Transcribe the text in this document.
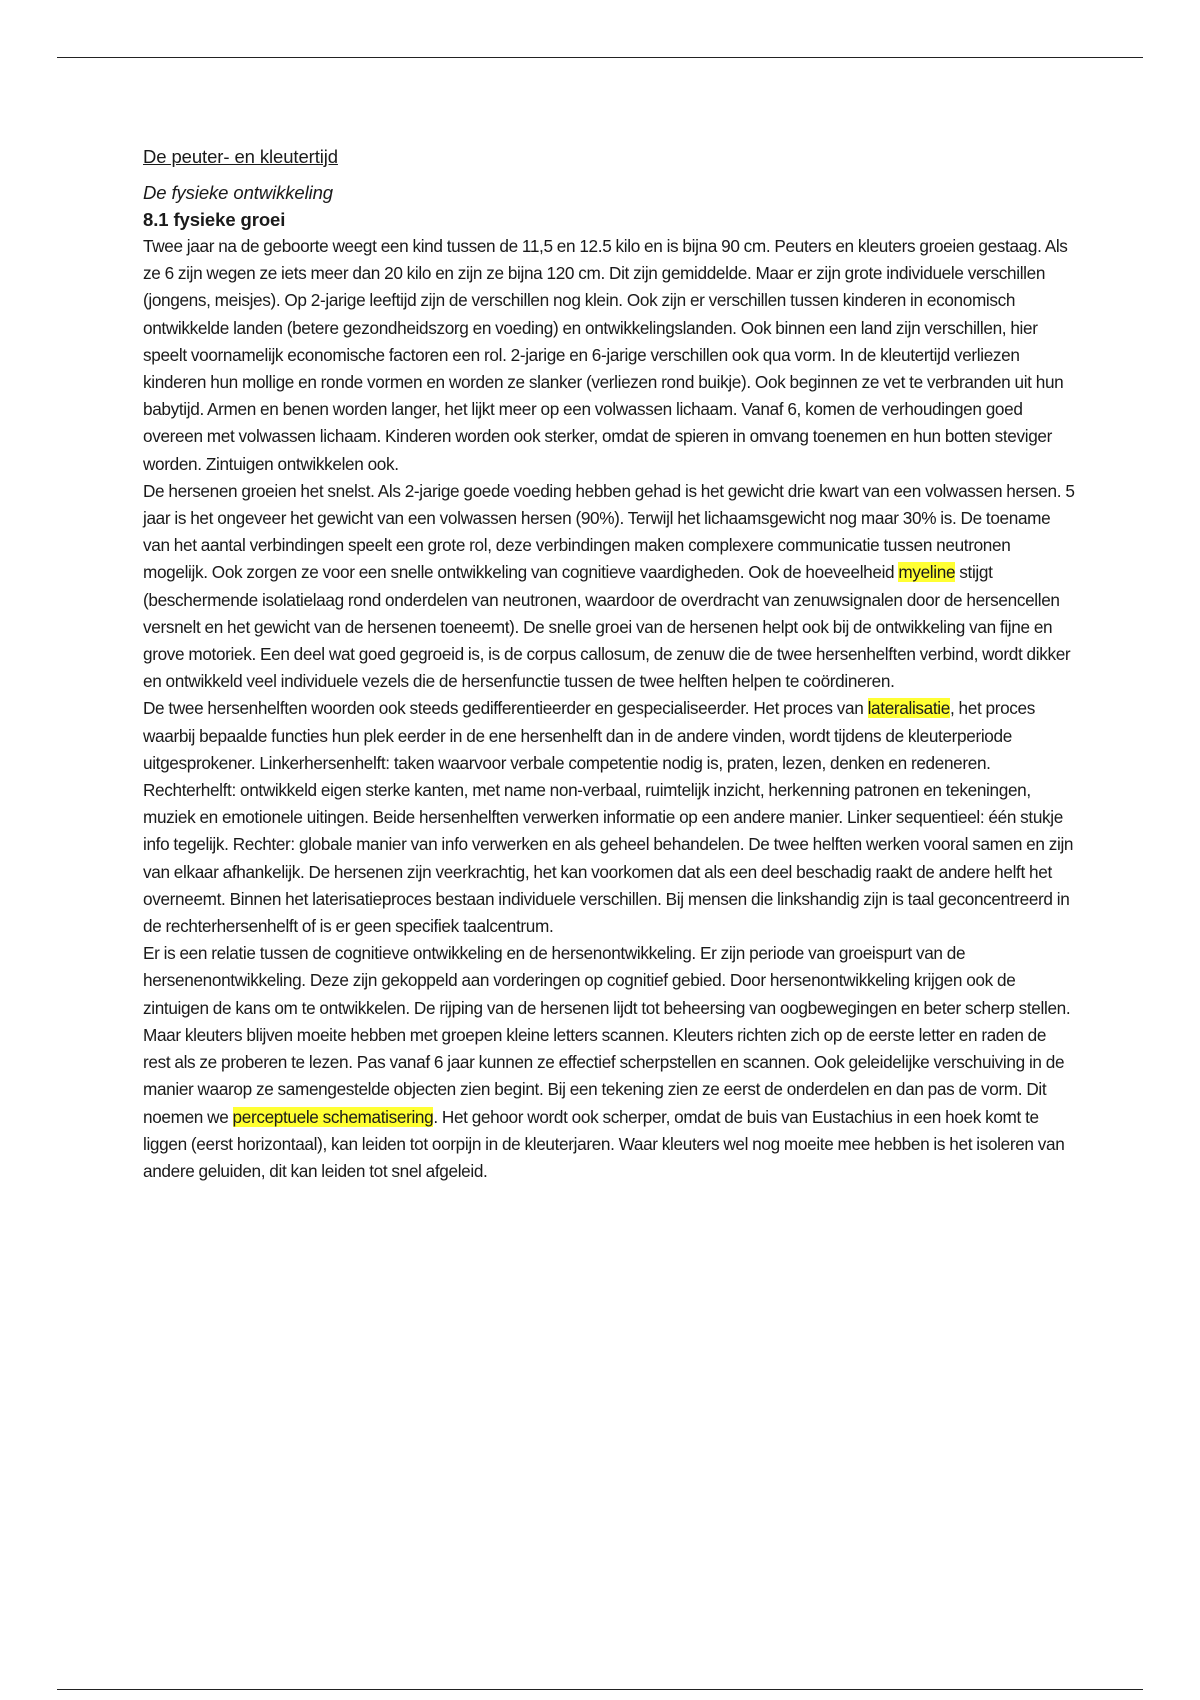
De peuter- en kleutertijd

De fysieke ontwikkeling

8.1 fysieke groei

Twee jaar na de geboorte weegt een kind tussen de 11,5 en 12.5 kilo en is bijna 90 cm. Peuters en kleuters groeien gestaag. Als ze 6 zijn wegen ze iets meer dan 20 kilo en zijn ze bijna 120 cm. Dit zijn gemiddelde. Maar er zijn grote individuele verschillen (jongens, meisjes). Op 2-jarige leeftijd zijn de verschillen nog klein. Ook zijn er verschillen tussen kinderen in economisch ontwikkelde landen (betere gezondheidszorg en voeding) en ontwikkelingslanden. Ook binnen een land zijn verschillen, hier speelt voornamelijk economische factoren een rol. 2-jarige en 6-jarige verschillen ook qua vorm. In de kleutertijd verliezen kinderen hun mollige en ronde vormen en worden ze slanker (verliezen rond buikje). Ook beginnen ze vet te verbranden uit hun babytijd. Armen en benen worden langer, het lijkt meer op een volwassen lichaam. Vanaf 6, komen de verhoudingen goed overeen met volwassen lichaam. Kinderen worden ook sterker, omdat de spieren in omvang toenemen en hun botten steviger worden. Zintuigen ontwikkelen ook.

De hersenen groeien het snelst. Als 2-jarige goede voeding hebben gehad is het gewicht drie kwart van een volwassen hersen. 5 jaar is het ongeveer het gewicht van een volwassen hersen (90%). Terwijl het lichaamsgewicht nog maar 30% is. De toename van het aantal verbindingen speelt een grote rol, deze verbindingen maken complexere communicatie tussen neutronen mogelijk. Ook zorgen ze voor een snelle ontwikkeling van cognitieve vaardigheden. Ook de hoeveelheid myeline stijgt (beschermende isolatielaag rond onderdelen van neutronen, waardoor de overdracht van zenuwsignalen door de hersencellen versnelt en het gewicht van de hersenen toeneemt). De snelle groei van de hersenen helpt ook bij de ontwikkeling van fijne en grove motoriek. Een deel wat goed gegroeid is, is de corpus callosum, de zenuw die de twee hersenhelften verbind, wordt dikker en ontwikkeld veel individuele vezels die de hersenfunctie tussen de twee helften helpen te coördineren.

De twee hersenhelften woorden ook steeds gedifferentieerder en gespecialiseerder. Het proces van lateralisatie, het proces waarbij bepaalde functies hun plek eerder in de ene hersenhelft dan in de andere vinden, wordt tijdens de kleuterperiode uitgesprokener. Linkerhersenhelft: taken waarvoor verbale competentie nodig is, praten, lezen, denken en redeneren. Rechterhelft: ontwikkeld eigen sterke kanten, met name non-verbaal, ruimtelijk inzicht, herkenning patronen en tekeningen, muziek en emotionele uitingen. Beide hersenhelften verwerken informatie op een andere manier. Linker sequentieel: één stukje info tegelijk. Rechter: globale manier van info verwerken en als geheel behandelen. De twee helften werken vooral samen en zijn van elkaar afhankelijk. De hersenen zijn veerkrachtig, het kan voorkomen dat als een deel beschadig raakt de andere helft het overneemt. Binnen het laterisatieproces bestaan individuele verschillen. Bij mensen die linkshandig zijn is taal geconcentreerd in de rechterhersenhelft of is er geen specifiek taalcentrum.

Er is een relatie tussen de cognitieve ontwikkeling en de hersenontwikkeling. Er zijn periode van groeispurt van de hersenenontwikkeling. Deze zijn gekoppeld aan vorderingen op cognitief gebied. Door hersenontwikkeling krijgen ook de zintuigen de kans om te ontwikkelen. De rijping van de hersenen lijdt tot beheersing van oogbewegingen en beter scherp stellen. Maar kleuters blijven moeite hebben met groepen kleine letters scannen. Kleuters richten zich op de eerste letter en raden de rest als ze proberen te lezen. Pas vanaf 6 jaar kunnen ze effectief scherpstellen en scannen. Ook geleidelijke verschuiving in de manier waarop ze samengestelde objecten zien begint. Bij een tekening zien ze eerst de onderdelen en dan pas de vorm. Dit noemen we perceptuele schematisering. Het gehoor wordt ook scherper, omdat de buis van Eustachius in een hoek komt te liggen (eerst horizontaal), kan leiden tot oorpijn in de kleuterjaren. Waar kleuters wel nog moeite mee hebben is het isoleren van andere geluiden, dit kan leiden tot snel afgeleid.
